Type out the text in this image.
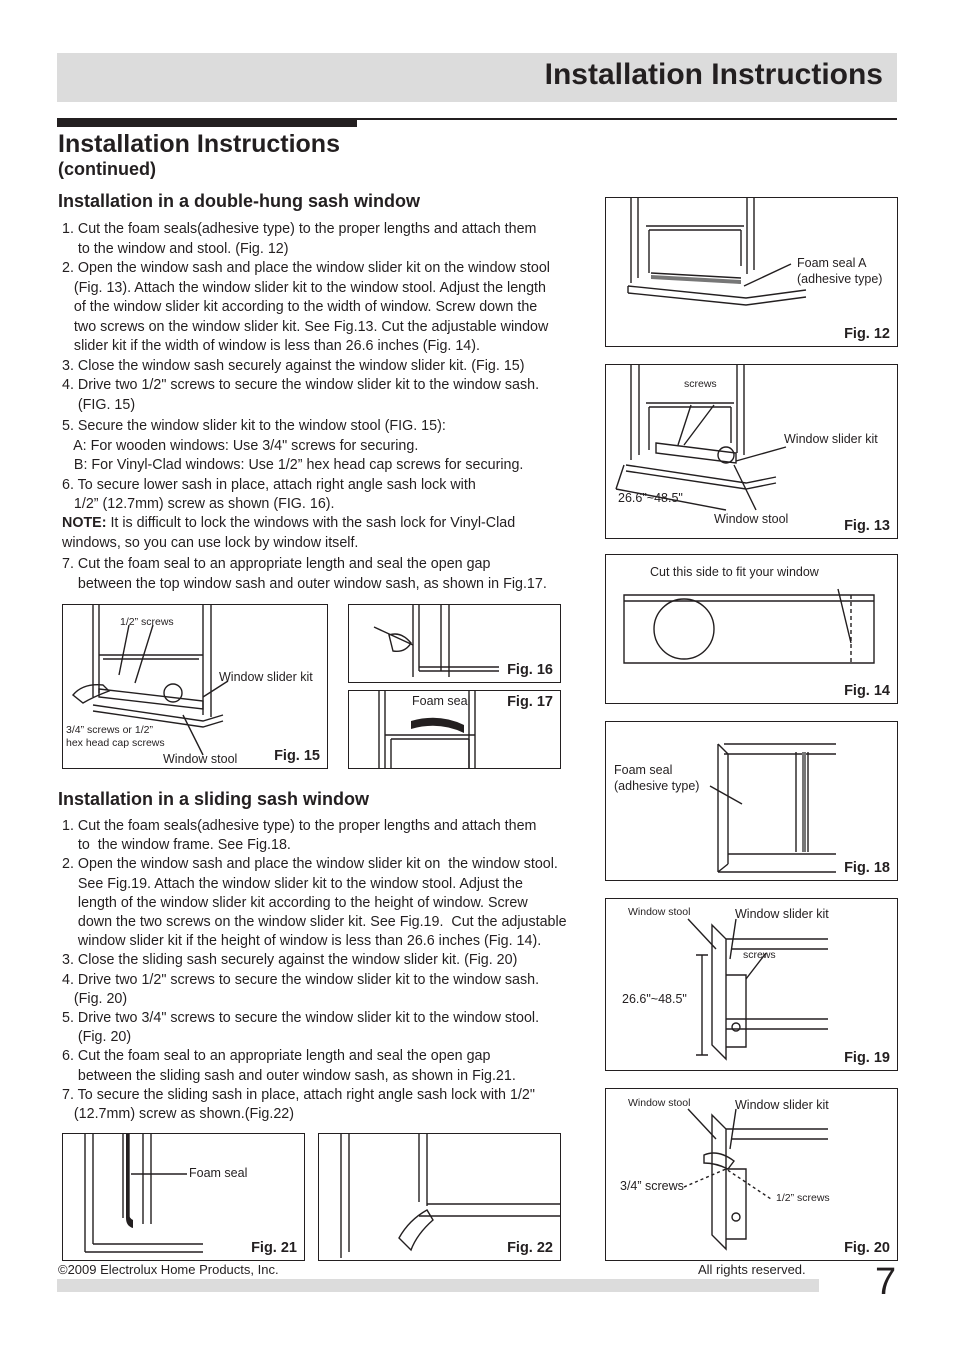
Installation Instructions
Installation Instructions
(continued)
Installation in a double-hung sash window
1. Cut the foam seals(adhesive type) to the proper lengths and attach them
to the window and stool. (Fig. 12)
2. Open the window sash and place the window slider kit on the window stool
(Fig. 13). Attach the window slider kit to the window stool. Adjust the length
of the window slider kit according to the width of window. Screw down the
two screws on the window slider kit. See Fig.13. Cut the adjustable window
slider kit if the width of window is less than 26.6 inches (Fig. 14).
3. Close the window sash securely against the window slider kit. (Fig. 15)
4. Drive two 1/2" screws to secure the window slider kit to the window sash.
(FIG. 15)
5. Secure the window slider kit to the window stool (FIG. 15):
A: For wooden windows: Use 3/4" screws for securing.
B: For Vinyl-Clad windows: Use 1/2” hex head cap screws for securing.
6. To secure lower sash in place, attach right angle sash lock with
1/2” (12.7mm) screw as shown (FIG. 16).
NOTE: It is difficult to lock the windows with the sash lock for Vinyl-Clad
windows, so you can use lock by window itself.
7. Cut the foam seal to an appropriate length and seal the open gap
between the top window sash and outer window sash, as shown in Fig.17.
Installation in a sliding sash window
1. Cut the foam seals(adhesive type) to the proper lengths and attach them
to  the window frame. See Fig.18.
2. Open the window sash and place the window slider kit on  the window stool.
See Fig.19. Attach the window slider kit to the window stool. Adjust the
length of the window slider kit according to the height of window. Screw
down the two screws on the window slider kit. See Fig.19.  Cut the adjustable
window slider kit if the height of window is less than 26.6 inches (Fig. 14).
3. Close the sliding sash securely against the window slider kit. (Fig. 20)
4. Drive two 1/2" screws to secure the window slider kit to the window sash.
(Fig. 20)
5. Drive two 3/4" screws to secure the window slider kit to the window stool.
(Fig. 20)
6. Cut the foam seal to an appropriate length and seal the open gap
between the sliding sash and outer window sash, as shown in Fig.21.
7. To secure the sliding sash in place, attach right angle sash lock with 1/2"
(12.7mm) screw as shown.(Fig.22)
Foam seal A
(adhesive type)
Fig. 12
screws
Window slider kit
26.6"~48.5"
Window stool	Fig. 13
Cut this side to fit your window
Fig. 14
1/2” screws
Window slider kit
3/4” screws or 1/2”
hex head cap screws
Window stool	Fig. 15
Fig. 16
Foam seal	Fig. 17
Foam seal
(adhesive type)
Fig. 18
Window stool	Window slider kit
screws
26.6"~48.5"
Fig. 19
Window stool	Window slider kit
3/4” screws
1/2” screws
Fig. 20
Foam seal
Fig. 21	Fig. 22
©2009 Electrolux Home Products, Inc.	All rights reserved. 7
